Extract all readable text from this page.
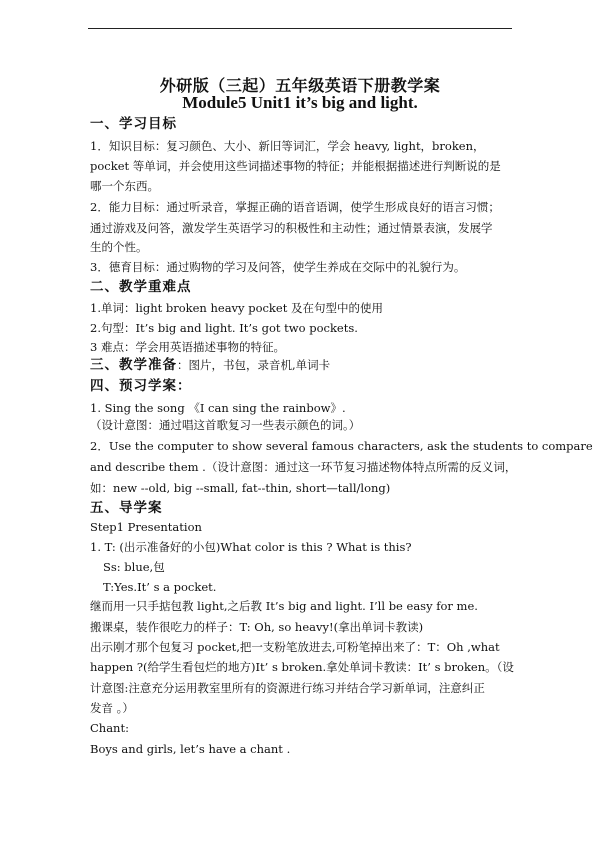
外研版（三起）五年级英语下册教学案
Module5 Unit1 it’s big and light.
一、学习目标
1．知识目标：复习颜色、大小、新旧等词汇，学会 heavy, light，broken，
pocket 等单词，并会使用这些词描述事物的特征；并能根据描述进行判断说的是
哪一个东西。
2．能力目标：通过听录音，掌握正确的语音语调，使学生形成良好的语言习惯；
通过游戏及问答，激发学生英语学习的积极性和主动性；通过情景表演，发展学
生的个性。
3．德育目标：通过购物的学习及问答，使学生养成在交际中的礼貌行为。
二、教学重难点
1.单词：light broken heavy pocket 及在句型中的使用
2.句型：It’s big and light. It’s got two pockets.
3 难点：学会用英语描述事物的特征。
三、教学准备：图片，书包，录音机,单词卡
四、预习学案：
1. Sing the song 《I can sing the rainbow》.
（设计意图：通过唱这首歌复习一些表示颜色的词。）
2．Use the computer to show several famous characters, ask the students to compare
and describe them .（设计意图：通过这一环节复习描述物体特点所需的反义词，
如：new --old, big --small, fat--thin, short—tall/long)
五、导学案
Step1 Presentation
1. T: (出示准备好的小包)What color is this ? What is this?
Ss: blue,包
T:Yes.It’ s a pocket.
继而用一只手掂包教 light,之后教 It’s big and light. I’ll be easy for me.
搬课桌，装作很吃力的样子：T: Oh, so heavy!(拿出单词卡教读)
出示刚才那个包复习 pocket,把一支粉笔放进去,可粉笔掉出来了：T：Oh ,what
happen ?(给学生看包烂的地方)It’ s broken.拿处单词卡教读：It’ s broken。（设
计意图:注意充分运用教室里所有的资源进行练习并结合学习新单词，注意纠正
发音 。）
Chant:
Boys and girls, let’s have a chant .
